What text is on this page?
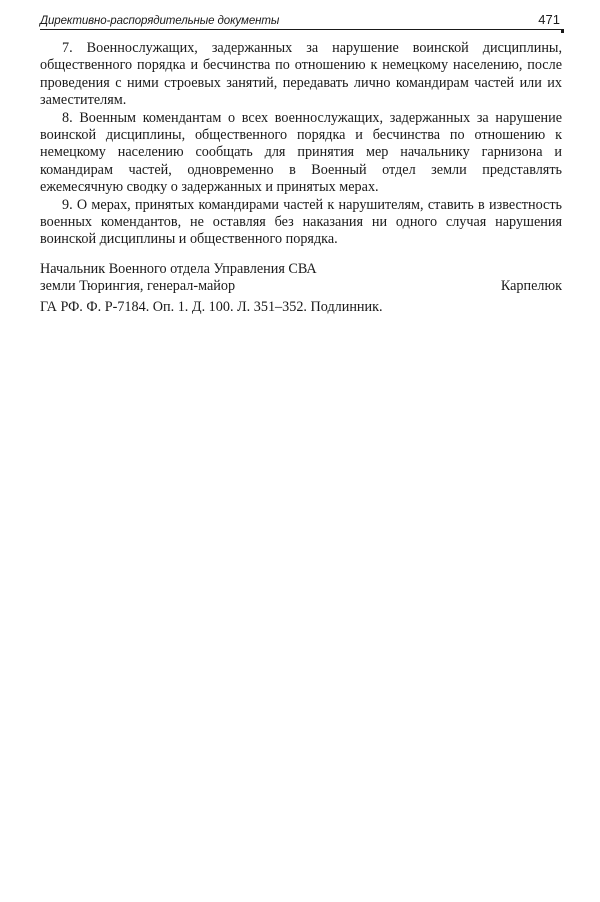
Директивно-распорядительные документы	471

7. Военнослужащих, задержанных за нарушение воинской дисциплины, общественного порядка и бесчинства по отношению к немецкому населению, после проведения с ними строевых занятий, передавать лично командирам частей или их заместителям.

8. Военным комендантам о всех военнослужащих, задержанных за нарушение воинской дисциплины, общественного порядка и бесчинства по отношению к немецкому населению сообщать для принятия мер начальнику гарнизона и командирам частей, одновременно в Военный отдел земли представлять ежемесячную сводку о задержанных и принятых мерах.

9. О мерах, принятых командирами частей к нарушителям, ставить в известность военных комендантов, не оставляя без наказания ни одного случая нарушения воинской дисциплины и общественного порядка.

Начальник Военного отдела Управления СВА
земли Тюрингия, генерал-майор	Карпелюк
ГА РФ. Ф. Р-7184. Оп. 1. Д. 100. Л. 351–352. Подлинник.
